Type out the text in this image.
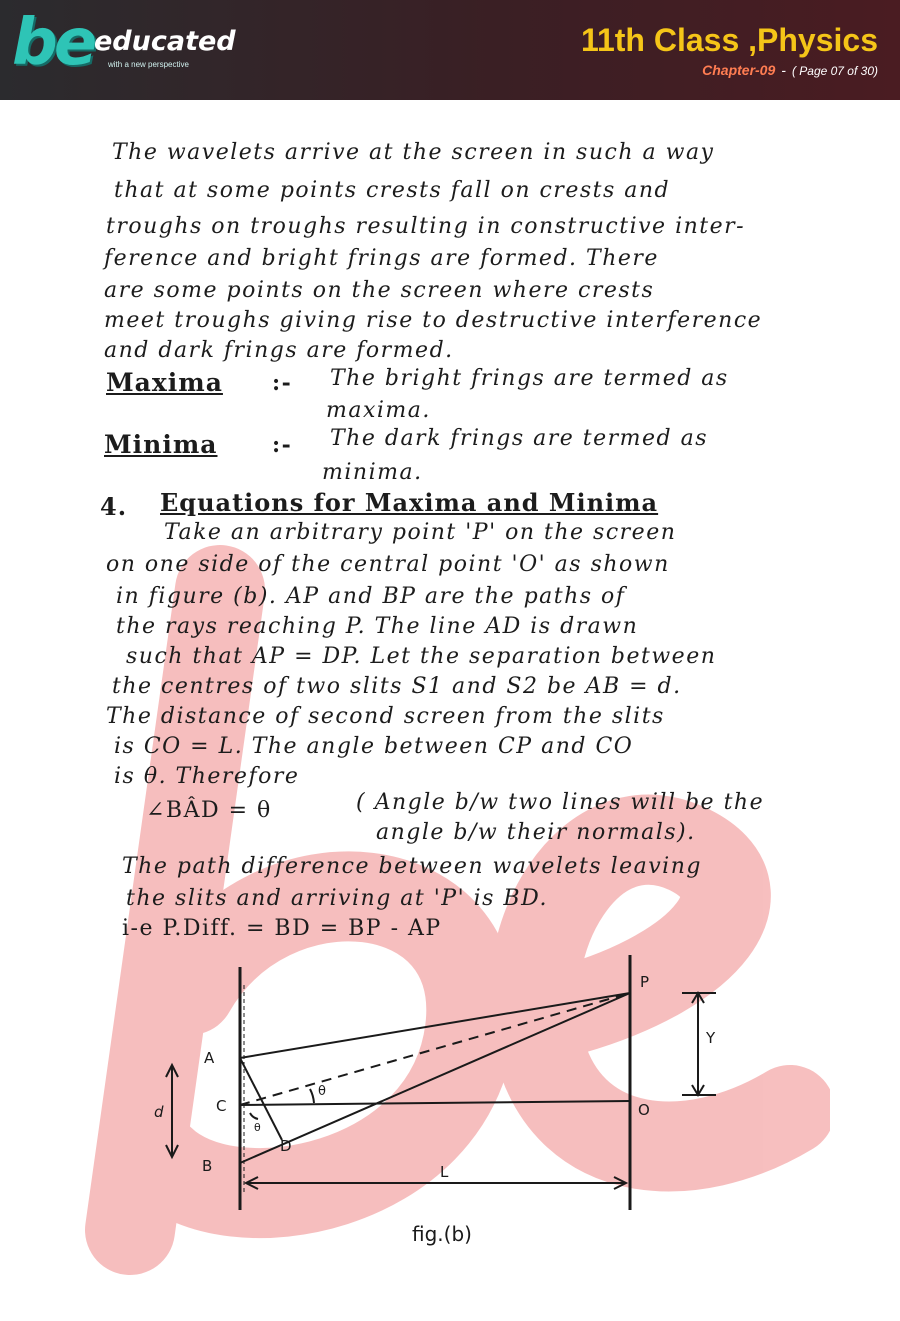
be educated
with a new perspective
11th Class ,Physics
Chapter-09 - ( Page 07 of 30)
The wavelets arrive at the screen in such a way
that at some points crests fall on crests and
troughs on troughs resulting in constructive inter-
ference and bright frings are formed. There
are some points on the screen where crests
meet troughs giving rise to destructive interference
and dark frings are formed.
Maxima :- The bright frings are termed as
maxima.
Minima :- The dark frings are termed as
minima.
4. Equations for Maxima and Minima
Take an arbitrary point 'P' on the screen
on one side of the central point 'O' as shown
in figure (b). AP and BP are the paths of
the rays reaching P. The line AD is drawn
such that AP = DP. Let the separation between
the centres of two slits S1 and S2 be AB = d.
The distance of second screen from the slits
is CO = L. The angle between CP and CO
is θ. Therefore
∠BÂD = θ	( Angle b/w two lines will be the
angle b/w their normals).
The path difference between wavelets leaving
the slits and arriving at 'P' is BD.
i-e P.Diff. = BD = BP - AP
A
C
B
D
P
O
d
Y
L
θ
θ
fig.(b)
